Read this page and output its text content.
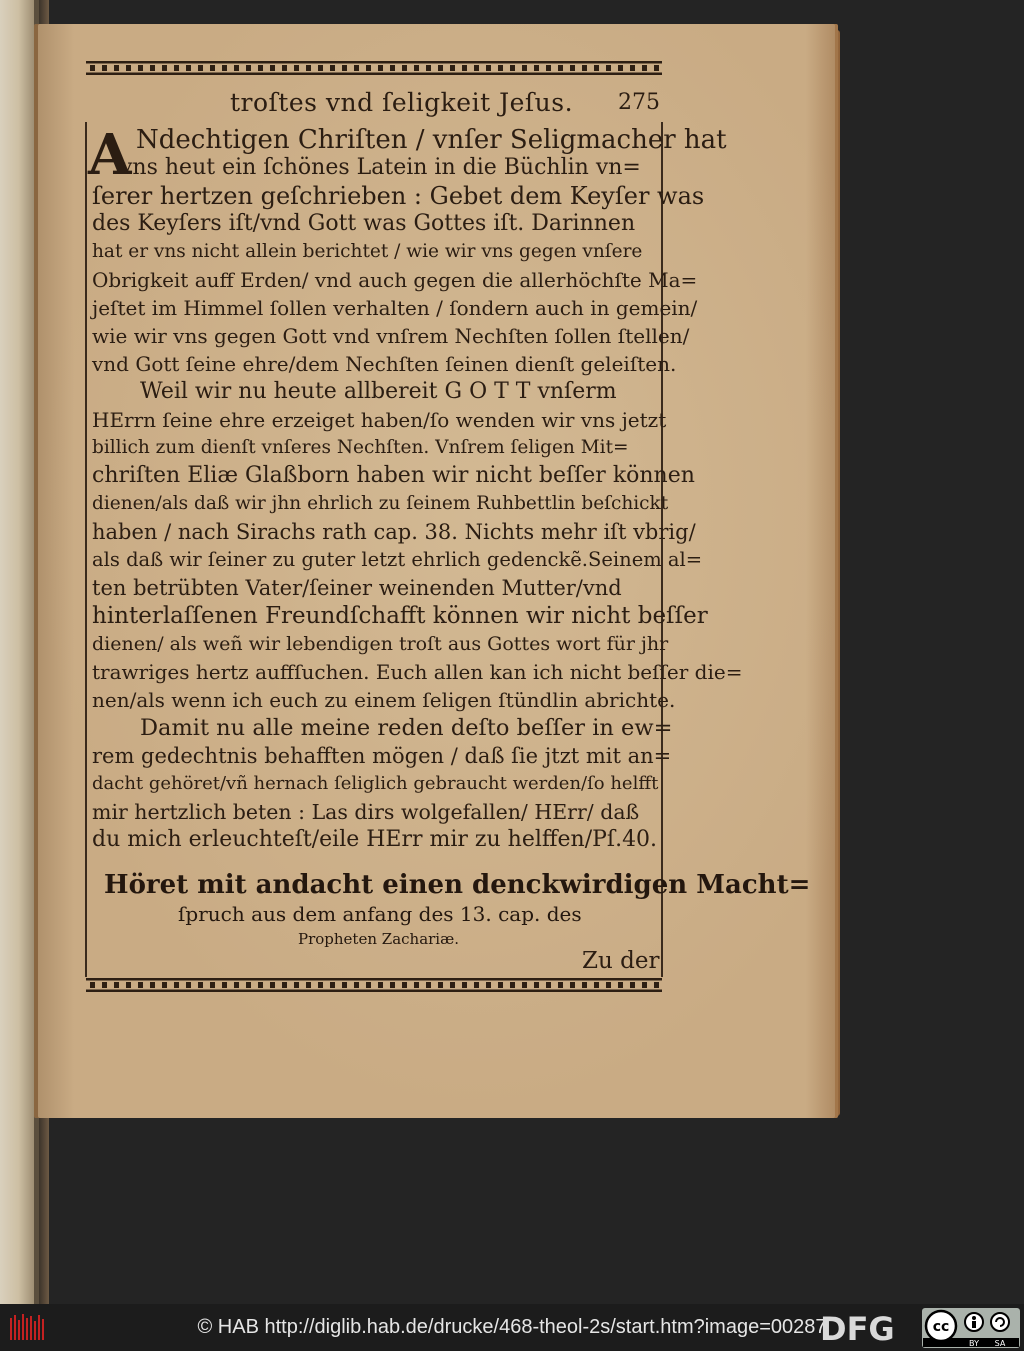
troſtes vnd ſeligkeit Jeſus. 275
A Ndechtigen Chriſten / vnſer Seligmacher hat
vns heut ein ſchönes Latein in die Büchlin vn=
ſerer hertzen geſchrieben : Gebet dem Keyſer was
des Keyſers iſt/vnd Gott was Gottes iſt. Darinnen
hat er vns nicht allein berichtet / wie wir vns gegen vnſere
Obrigkeit auff Erden/ vnd auch gegen die allerhöchſte Ma=
jeſtet im Himmel ſollen verhalten / ſondern auch in gemein/
wie wir vns gegen Gott vnd vnſrem Nechſten ſollen ſtellen/
vnd Gott ſeine ehre/dem Nechſten ſeinen dienſt geleiſten.
Weil wir nu heute allbereit G O T T vnſerm
HErrn ſeine ehre erzeiget haben/ſo wenden wir vns jetzt
billich zum dienſt vnſeres Nechſten. Vnſrem ſeligen Mit=
chriſten Eliæ Glaßborn haben wir nicht beſſer können
dienen/als daß wir jhn ehrlich zu ſeinem Ruhbettlin beſchickt
haben / nach Sirachs rath cap. 38. Nichts mehr iſt vbrig/
als daß wir ſeiner zu guter letzt ehrlich gedenckẽ.Seinem al=
ten betrübten Vater/ſeiner weinenden Mutter/vnd
hinterlaſſenen Freundſchafft können wir nicht beſſer
dienen/ als weñ wir lebendigen troſt aus Gottes wort für jhr
trawriges hertz auffſuchen. Euch allen kan ich nicht beſſer die=
nen/als wenn ich euch zu einem ſeligen ſtündlin abrichte.
Damit nu alle meine reden deſto beſſer in ew=
rem gedechtnis behafften mögen / daß ſie jtzt mit an=
dacht gehöret/vñ hernach ſeliglich gebraucht werden/ſo helfft
mir hertzlich beten : Las dirs wolgefallen/ HErr/ daß
du mich erleuchteſt/eile HErr mir zu helffen/Pſ.40.
Höret mit andacht einen denckwirdigen Macht=
ſpruch aus dem anfang des 13. cap. des
Propheten Zachariæ.
Zu der
© HAB http://diglib.hab.de/drucke/468-theol-2s/start.htm?image=00287
DFG	cc
BY SA
